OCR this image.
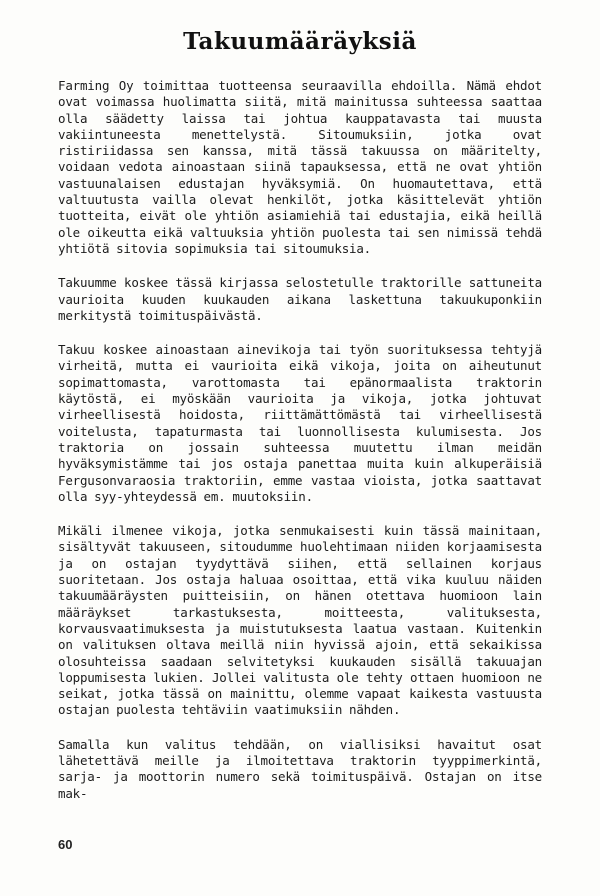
Takuumääräyksiä

Farming Oy toimittaa tuotteensa seuraavilla ehdoilla. Nämä ehdot ovat voimassa huolimatta siitä, mitä mainitussa suhteessa saattaa olla säädetty laissa tai johtua kauppatavasta tai muusta vakiintuneesta menettelystä. Sitoumuksiin, jotka ovat ristiriidassa sen kanssa, mitä tässä takuussa on määritelty, voidaan vedota ainoastaan siinä tapauksessa, että ne ovat yhtiön vastuunalaisen edustajan hyväksymiä. On huomautettava, että valtuutusta vailla olevat henkilöt, jotka käsittelevät yhtiön tuotteita, eivät ole yhtiön asiamiehiä tai edustajia, eikä heillä ole oikeutta eikä valtuuksia yhtiön puolesta tai sen nimissä tehdä yhtiötä sitovia sopimuksia tai sitoumuksia.

Takuumme koskee tässä kirjassa selostetulle traktorille sattuneita vaurioita kuuden kuukauden aikana laskettuna takuukuponkiin merkitystä toimituspäivästä.

Takuu koskee ainoastaan ainevikoja tai työn suorituksessa tehtyjä virheitä, mutta ei vaurioita eikä vikoja, joita on aiheutunut sopimattomasta, varottomasta tai epänormaalista traktorin käytöstä, ei myöskään vaurioita ja vikoja, jotka johtuvat virheellisestä hoidosta, riittämättömästä tai virheellisestä voitelusta, tapaturmasta tai luonnollisesta kulumisesta. Jos traktoria on jossain suhteessa muutettu ilman meidän hyväksymistämme tai jos ostaja panettaa muita kuin alkuperäisiä Fergusonvaraosia traktoriin, emme vastaa vioista, jotka saattavat olla syy-yhteydessä em. muutoksiin.

Mikäli ilmenee vikoja, jotka senmukaisesti kuin tässä mainitaan, sisältyvät takuuseen, sitoudumme huolehtimaan niiden korjaamisesta ja on ostajan tyydyttävä siihen, että sellainen korjaus suoritetaan. Jos ostaja haluaa osoittaa, että vika kuuluu näiden takuumääräysten puitteisiin, on hänen otettava huomioon lain määräykset tarkastuksesta, moitteesta, valituksesta, korvausvaatimuksesta ja muistutuksesta laatua vastaan. Kuitenkin on valituksen oltava meillä niin hyvissä ajoin, että sekaikissa olosuhteissa saadaan selvitetyksi kuukauden sisällä takuuajan loppumisesta lukien. Jollei valitusta ole tehty ottaen huomioon ne seikat, jotka tässä on mainittu, olemme vapaat kaikesta vastuusta ostajan puolesta tehtäviin vaatimuksiin nähden.

Samalla kun valitus tehdään, on viallisiksi havaitut osat lähetettävä meille ja ilmoitettava traktorin tyyppimerkintä, sarja- ja moottorin numero sekä toimituspäivä. Ostajan on itse mak-

60
